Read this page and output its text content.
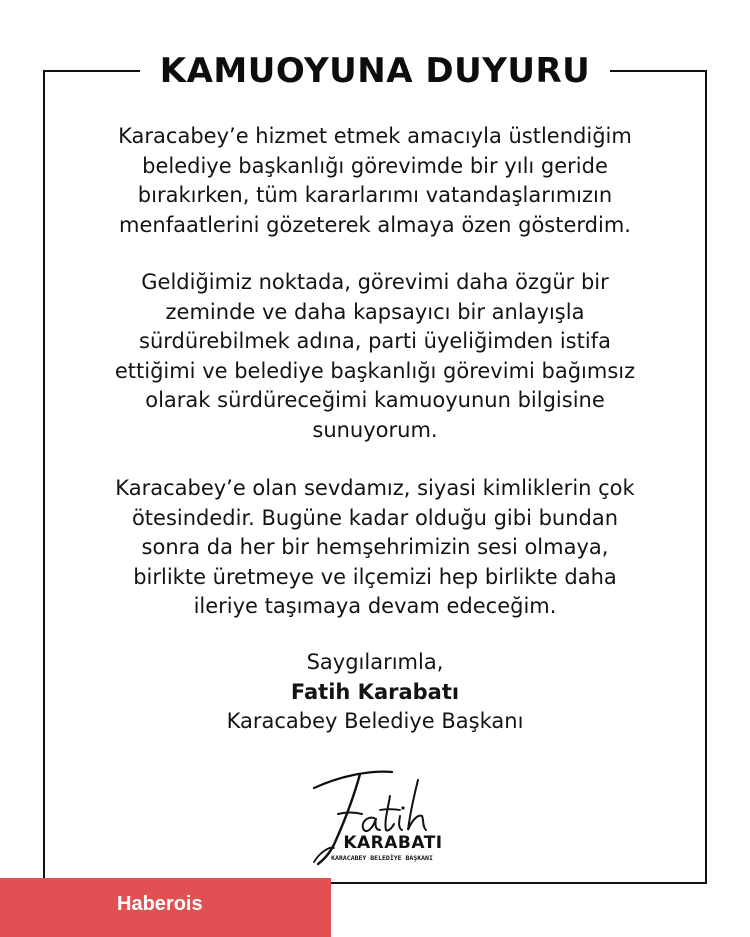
KAMUOYUNA DUYURU
Karacabey’e hizmet etmek amacıyla üstlendiğim
belediye başkanlığı görevimde bir yılı geride
bırakırken, tüm kararlarımı vatandaşlarımızın
menfaatlerini gözeterek almaya özen gösterdim.
Geldiğimiz noktada, görevimi daha özgür bir
zeminde ve daha kapsayıcı bir anlayışla
sürdürebilmek adına, parti üyeliğimden istifa
ettiğimi ve belediye başkanlığı görevimi bağımsız
olarak sürdüreceğimi kamuoyunun bilgisine
sunuyorum.
Karacabey’e olan sevdamız, siyasi kimliklerin çok
ötesindedir. Bugüne kadar olduğu gibi bundan
sonra da her bir hemşehrimizin sesi olmaya,
birlikte üretmeye ve ilçemizi hep birlikte daha
ileriye taşımaya devam edeceğim.
Saygılarımla,
Fatih Karabatı
Karacabey Belediye Başkanı
KARABATI
KARACABEY BELEDİYE BAŞKANI
Haberois
